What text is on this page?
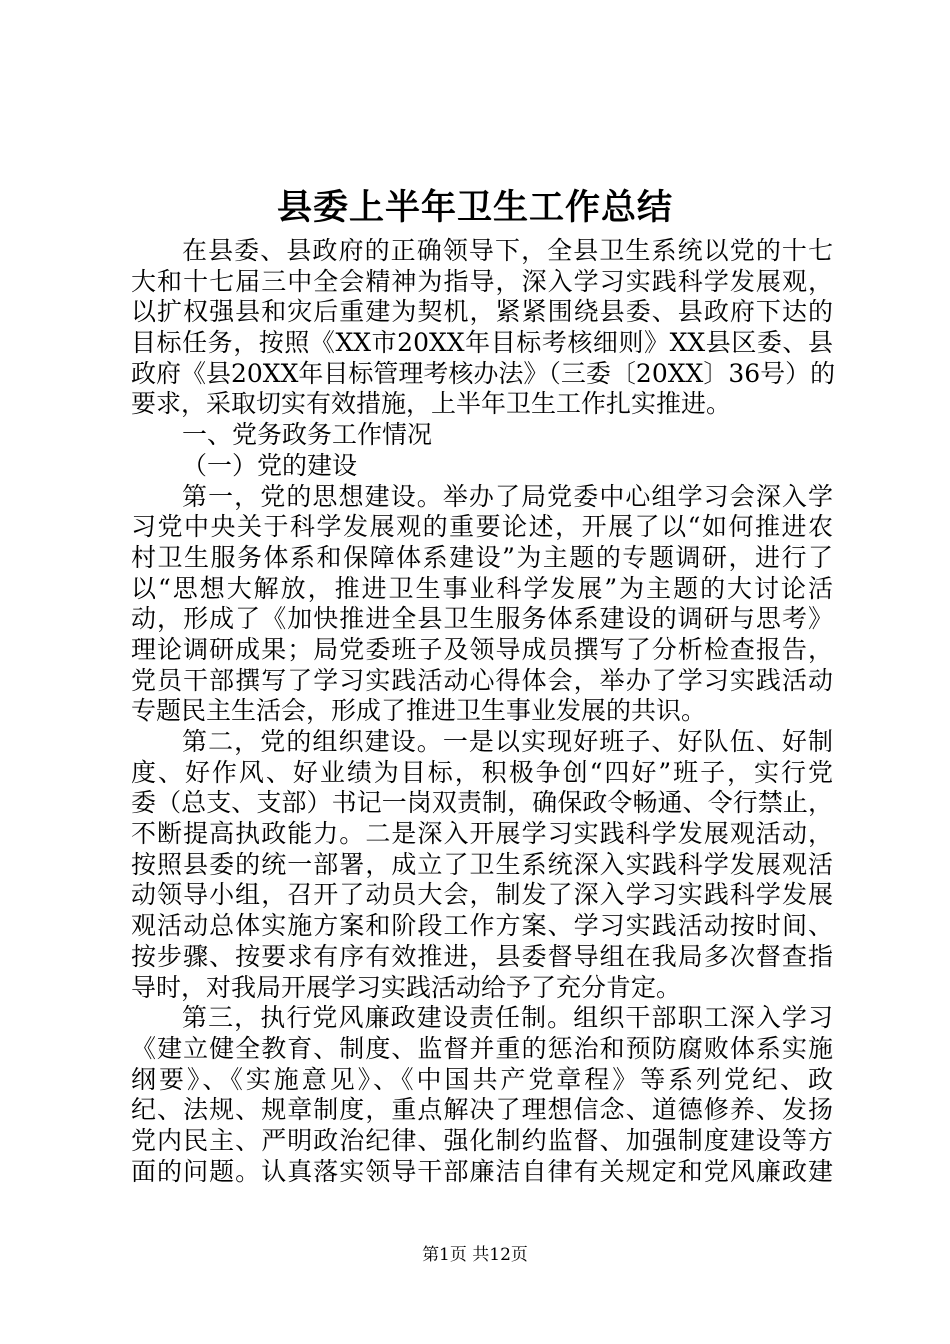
县委上半年卫生工作总结
在县委、县政府的正确领导下，全县卫生系统以党的十七
大和十七届三中全会精神为指导，深入学习实践科学发展观，
以扩权强县和灾后重建为契机，紧紧围绕县委、县政府下达的
目标任务，按照《XX市20XX年目标考核细则》XX县区委、县
政府《县20XX年目标管理考核办法》（三委〔20XX〕36号）的
要求，采取切实有效措施，上半年卫生工作扎实推进。
一、党务政务工作情况
（一）党的建设
第一，党的思想建设。举办了局党委中心组学习会深入学
习党中央关于科学发展观的重要论述，开展了以“如何推进农
村卫生服务体系和保障体系建设”为主题的专题调研，进行了
以“思想大解放，推进卫生事业科学发展”为主题的大讨论活
动，形成了《加快推进全县卫生服务体系建设的调研与思考》
理论调研成果；局党委班子及领导成员撰写了分析检查报告，
党员干部撰写了学习实践活动心得体会，举办了学习实践活动
专题民主生活会，形成了推进卫生事业发展的共识。
第二，党的组织建设。一是以实现好班子、好队伍、好制
度、好作风、好业绩为目标，积极争创“四好”班子，实行党
委（总支、支部）书记一岗双责制，确保政令畅通、令行禁止，
不断提高执政能力。二是深入开展学习实践科学发展观活动，
按照县委的统一部署，成立了卫生系统深入实践科学发展观活
动领导小组，召开了动员大会，制发了深入学习实践科学发展
观活动总体实施方案和阶段工作方案、学习实践活动按时间、
按步骤、按要求有序有效推进，县委督导组在我局多次督查指
导时，对我局开展学习实践活动给予了充分肯定。
第三，执行党风廉政建设责任制。组织干部职工深入学习
《建立健全教育、制度、监督并重的惩治和预防腐败体系实施
纲要》、《实施意见》、《中国共产党章程》等系列党纪、政
纪、法规、规章制度，重点解决了理想信念、道德修养、发扬
党内民主、严明政治纪律、强化制约监督、加强制度建设等方
面的问题。认真落实领导干部廉洁自律有关规定和党风廉政建
第1页 共12页
